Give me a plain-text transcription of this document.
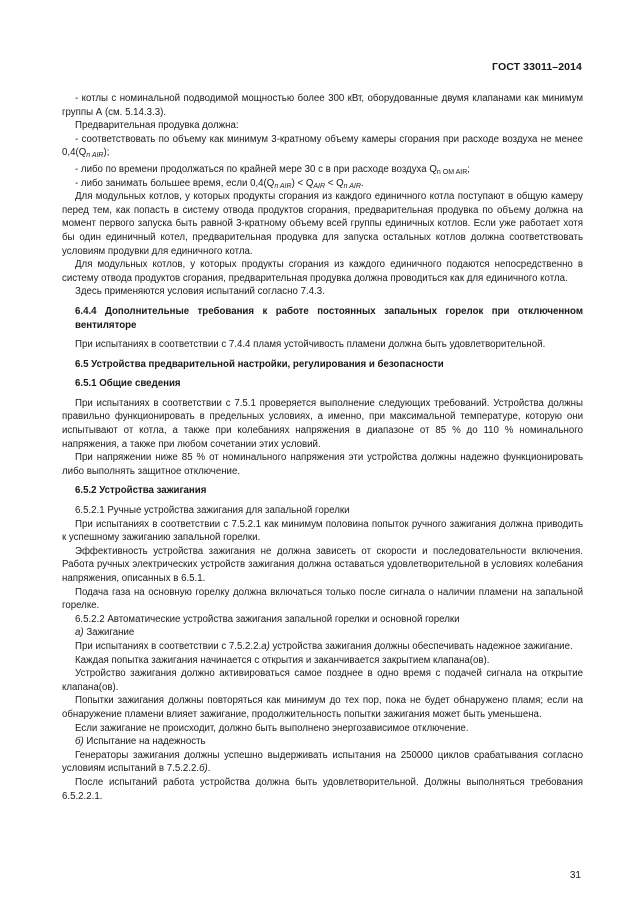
ГОСТ 33011–2014

- котлы с номинальной подводимой мощностью более 300 кВт, оборудованные двумя клапанами как минимум группы А (см. 5.14.3.3).

Предварительная продувка должна:

- соответствовать по объему как минимум 3-кратному объему камеры сгорания при расходе воздуха не менее $0,4(Q_{n AIR})$;

- либо по времени продолжаться по крайней мере 30 с в при расходе воздуха $Q_{n OM AIR}$;

- либо занимать большее время, если $0,4(Q_{n AIR}) < Q_{AIR} < Q_{n AIR}$.

Для модульных котлов, у которых продукты сгорания из каждого единичного котла поступают в общую камеру перед тем, как попасть в систему отвода продуктов сгорания, предварительная продувка по объему должна на момент первого запуска быть равной 3-кратному объему всей группы единичных котлов. Если уже работает хотя бы один единичный котел, предварительная продувка для запуска остальных котлов должна соответствовать условиям продувки для единичного котла.

Для модульных котлов, у которых продукты сгорания из каждого единичного подаются непосредственно в систему отвода продуктов сгорания, предварительная продувка должна проводиться как для единичного котла.

Здесь применяются условия испытаний согласно 7.4.3.

6.4.4 Дополнительные требования к работе постоянных запальных горелок при отключенном вентиляторе

При испытаниях в соответствии с 7.4.4 пламя устойчивость пламени должна быть удовлетворительной.

6.5 Устройства предварительной настройки, регулирования и безопасности

6.5.1 Общие сведения

При испытаниях в соответствии с 7.5.1 проверяется выполнение следующих требований. Устройства должны правильно функционировать в предельных условиях, а именно, при максимальной температуре, которую они испытывают от котла, а также при колебаниях напряжения в диапазоне от 85 % до 110 % номинального напряжения, а также при любом сочетании этих условий.

При напряжении ниже 85 % от номинального напряжения эти устройства должны надежно функционировать либо выполнять защитное отключение.

6.5.2 Устройства зажигания

6.5.2.1 Ручные устройства зажигания для запальной горелки

При испытаниях в соответствии с 7.5.2.1 как минимум половина попыток ручного зажигания должна приводить к успешному зажиганию запальной горелки.

Эффективность устройства зажигания не должна зависеть от скорости и последовательности включения. Работа ручных электрических устройств зажигания должна оставаться удовлетворительной в условиях колебания напряжения, описанных в 6.5.1.

Подача газа на основную горелку должна включаться только после сигнала о наличии пламени на запальной горелке.

6.5.2.2 Автоматические устройства зажигания запальной горелки и основной горелки

а) Зажигание

При испытаниях в соответствии с 7.5.2.2.а) устройства зажигания должны обеспечивать надежное зажигание.

Каждая попытка зажигания начинается с открытия и заканчивается закрытием клапана(ов).

Устройство зажигания должно активироваться самое позднее в одно время с подачей сигнала на открытие клапана(ов).

Попытки зажигания должны повторяться как минимум до тех пор, пока не будет обнаружено пламя; если на обнаружение пламени влияет зажигание, продолжительность попытки зажигания может быть уменьшена.

Если зажигание не происходит, должно быть выполнено энергозависимое отключение.

б) Испытание на надежность

Генераторы зажигания должны успешно выдерживать испытания на 250000 циклов срабатывания согласно условиям испытаний в 7.5.2.2.б).

После испытаний работа устройства должна быть удовлетворительной. Должны выполняться требования 6.5.2.2.1.

31
